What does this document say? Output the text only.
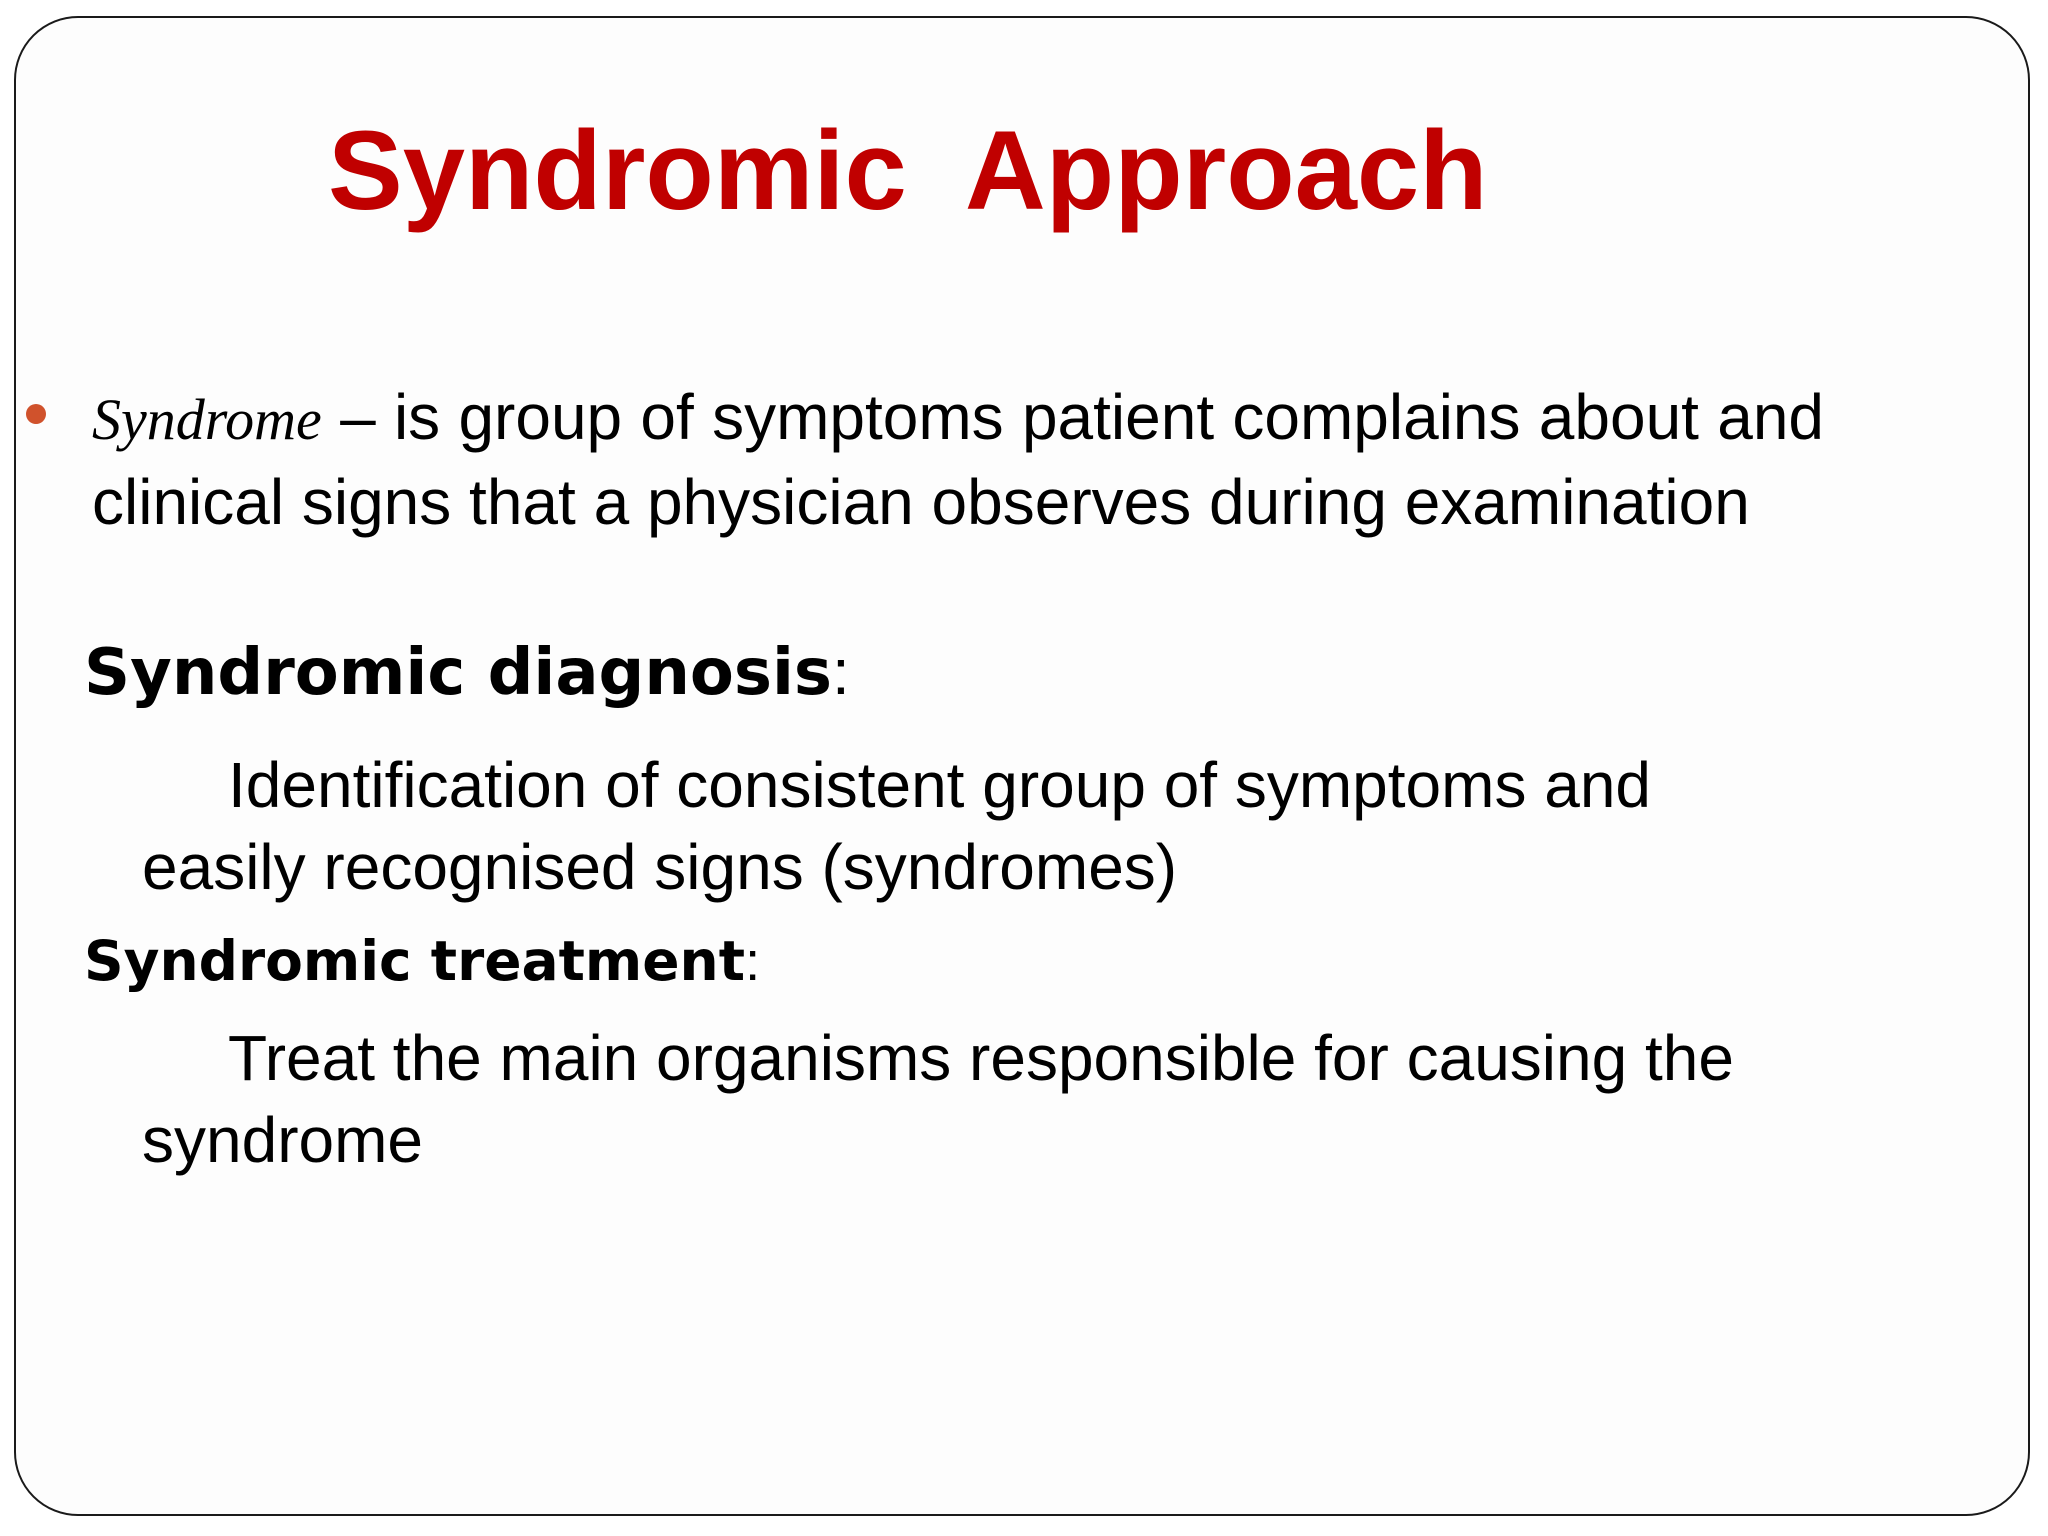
Syndromic  Approach

Syndrome – is group of symptoms patient complains about and clinical signs that a physician observes during examination

Syndromic diagnosis:

Identification of consistent group of symptoms and easily recognised signs (syndromes)

Syndromic treatment:

Treat the main organisms responsible for causing the syndrome
